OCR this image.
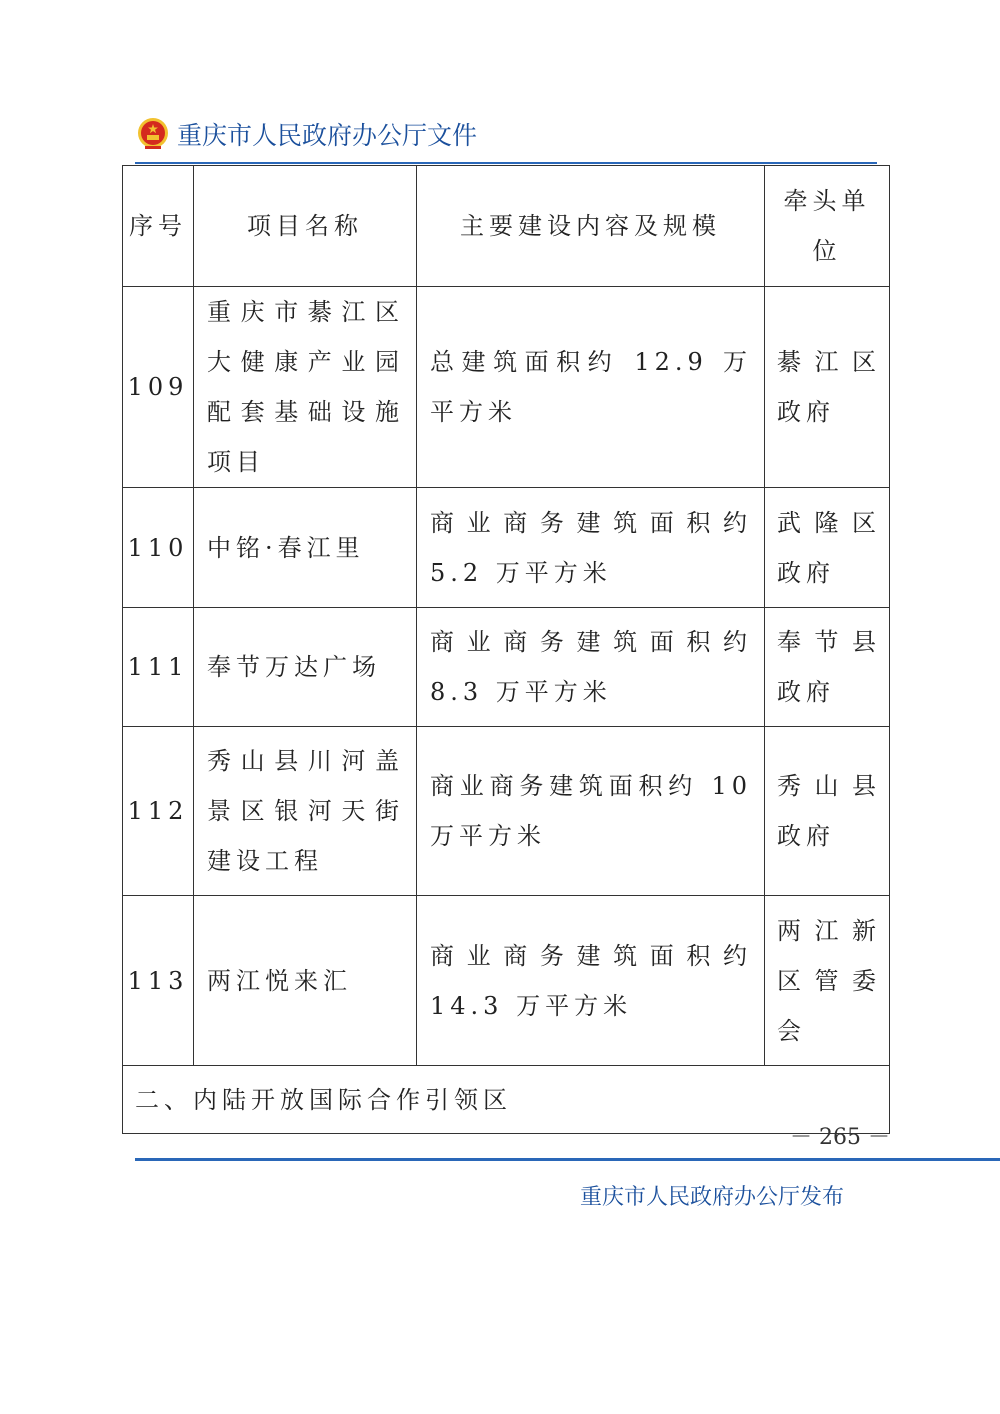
重庆市人民政府办公厅文件
序号	项目名称	主要建设内容及规模	牵头单位
109	重庆市綦江区大健康产业园配套基础设施项目	总建筑面积约 12.9 万平方米	綦江区政府
110	中铭·春江里	商业商务建筑面积约 5.2 万平方米	武隆区政府
111	奉节万达广场	商业商务建筑面积约 8.3 万平方米	奉节县政府
112	秀山县川河盖景区银河天街建设工程	商业商务建筑面积约 10 万平方米	秀山县政府
113	两江悦来汇	商业商务建筑面积约 14.3 万平方米	两江新区管委会
二、内陆开放国际合作引领区			
－ 265 －
重庆市人民政府办公厅发布
